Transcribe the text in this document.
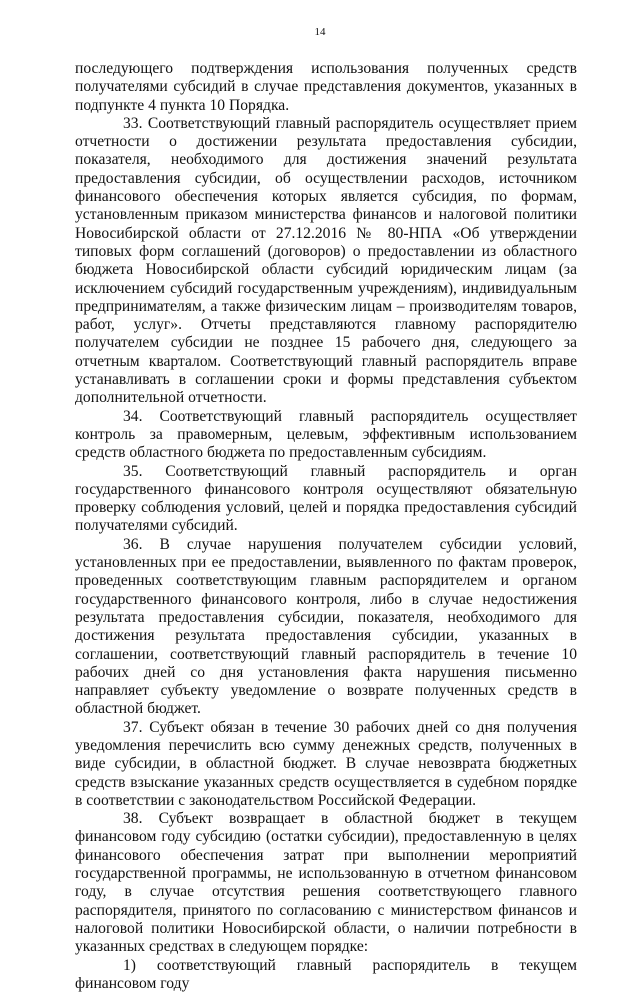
14

последующего подтверждения использования полученных средств получателями субсидий в случае представления документов, указанных в подпункте 4 пункта 10 Порядка.

33. Соответствующий главный распорядитель осуществляет прием отчетности о достижении результата предоставления субсидии, показателя, необходимого для достижения значений результата предоставления субсидии, об осуществлении расходов, источником финансового обеспечения которых является субсидия, по формам, установленным приказом министерства финансов и налоговой политики Новосибирской области от 27.12.2016 № 80-НПА «Об утверждении типовых форм соглашений (договоров) о предоставлении из областного бюджета Новосибирской области субсидий юридическим лицам (за исключением субсидий государственным учреждениям), индивидуальным предпринимателям, а также физическим лицам – производителям товаров, работ, услуг». Отчеты представляются главному распорядителю получателем субсидии не позднее 15 рабочего дня, следующего за отчетным кварталом. Соответствующий главный распорядитель вправе устанавливать в соглашении сроки и формы представления субъектом дополнительной отчетности.

34. Соответствующий главный распорядитель осуществляет контроль за правомерным, целевым, эффективным использованием средств областного бюджета по предоставленным субсидиям.

35. Соответствующий главный распорядитель и орган государственного финансового контроля осуществляют обязательную проверку соблюдения условий, целей и порядка предоставления субсидий получателями субсидий.

36. В случае нарушения получателем субсидии условий, установленных при ее предоставлении, выявленного по фактам проверок, проведенных соответствующим главным распорядителем и органом государственного финансового контроля, либо в случае недостижения результата предоставления субсидии, показателя, необходимого для достижения результата предоставления субсидии, указанных в соглашении, соответствующий главный распорядитель в течение 10 рабочих дней со дня установления факта нарушения письменно направляет субъекту уведомление о возврате полученных средств в областной бюджет.

37. Субъект обязан в течение 30 рабочих дней со дня получения уведомления перечислить всю сумму денежных средств, полученных в виде субсидии, в областной бюджет. В случае невозврата бюджетных средств взыскание указанных средств осуществляется в судебном порядке в соответствии с законодательством Российской Федерации.

38. Субъект возвращает в областной бюджет в текущем финансовом году субсидию (остатки субсидии), предоставленную в целях финансового обеспечения затрат при выполнении мероприятий государственной программы, не использованную в отчетном финансовом году, в случае отсутствия решения соответствующего главного распорядителя, принятого по согласованию с министерством финансов и налоговой политики Новосибирской области, о наличии потребности в указанных средствах в следующем порядке:

1) соответствующий главный распорядитель в текущем финансовом году
